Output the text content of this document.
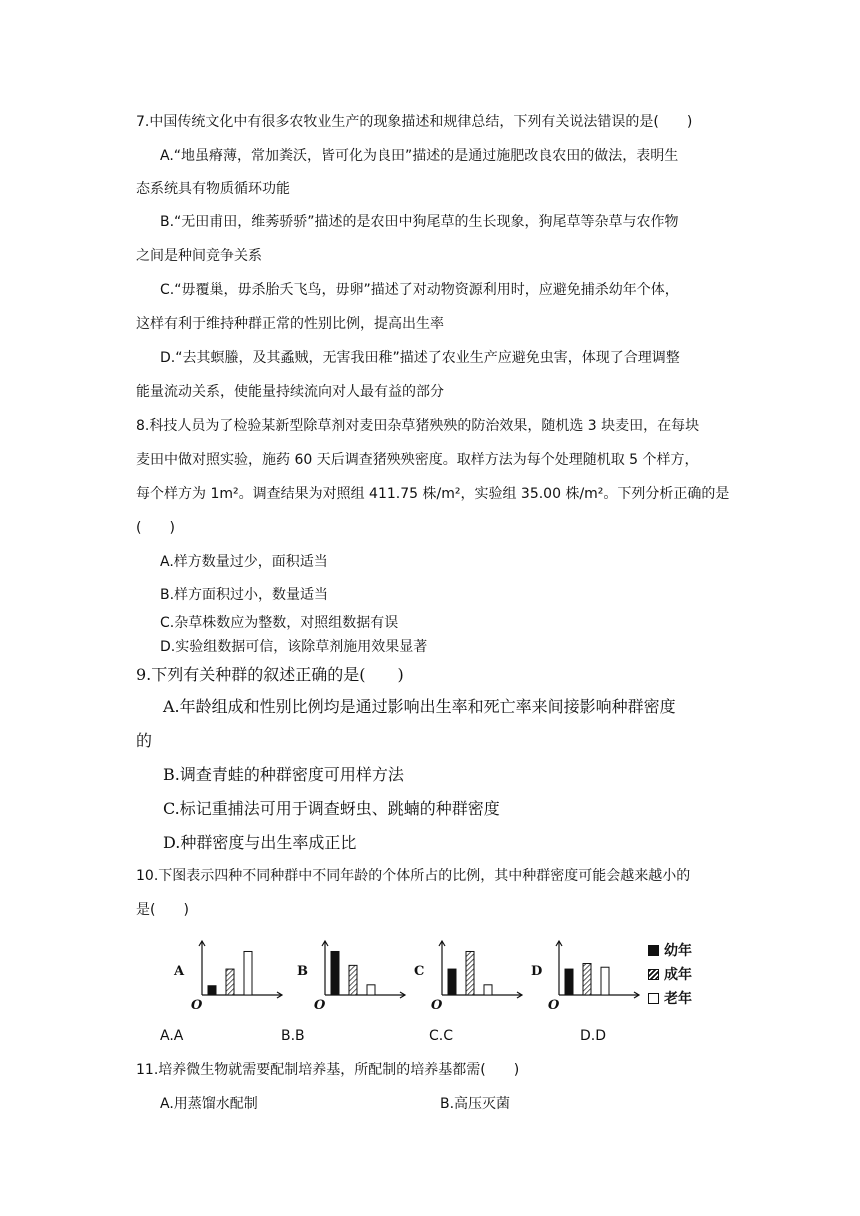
7.中国传统文化中有很多农牧业生产的现象描述和规律总结，下列有关说法错误的是(　　)
A.“地虽瘠薄，常加粪沃，皆可化为良田”描述的是通过施肥改良农田的做法，表明生
态系统具有物质循环功能
B.“无田甫田，维莠骄骄”描述的是农田中狗尾草的生长现象，狗尾草等杂草与农作物
之间是种间竞争关系
C.“毋覆巢，毋杀胎夭飞鸟，毋卵”描述了对动物资源利用时，应避免捕杀幼年个体，
这样有利于维持种群正常的性别比例，提高出生率
D.“去其螟螣，及其蟊贼，无害我田稚”描述了农业生产应避免虫害，体现了合理调整
能量流动关系，使能量持续流向对人最有益的部分
8.科技人员为了检验某新型除草剂对麦田杂草猪殃殃的防治效果，随机选 3 块麦田，在每块
麦田中做对照实验，施药 60 天后调查猪殃殃密度。取样方法为每个处理随机取 5 个样方，
每个样方为 1m²。调查结果为对照组 411.75 株/m²，实验组 35.00 株/m²。下列分析正确的是
(　　)
A.样方数量过少，面积适当
B.样方面积过小，数量适当
C.杂草株数应为整数，对照组数据有误
D.实验组数据可信，该除草剂施用效果显著
9.下列有关种群的叙述正确的是(　　)
A.年龄组成和性别比例均是通过影响出生率和死亡率来间接影响种群密度
的
B.调查青蛙的种群密度可用样方法
C.标记重捕法可用于调查蚜虫、跳蝻的种群密度
D.种群密度与出生率成正比
10.下图表示四种不同种群中不同年龄的个体所占的比例，其中种群密度可能会越来越小的
是(　　)
A
O
B
O
C
O
D
O
幼年
成年
老年
A.A	B.B	C.C	D.D
11.培养微生物就需要配制培养基，所配制的培养基都需(　　)
A.用蒸馏水配制	B.高压灭菌
